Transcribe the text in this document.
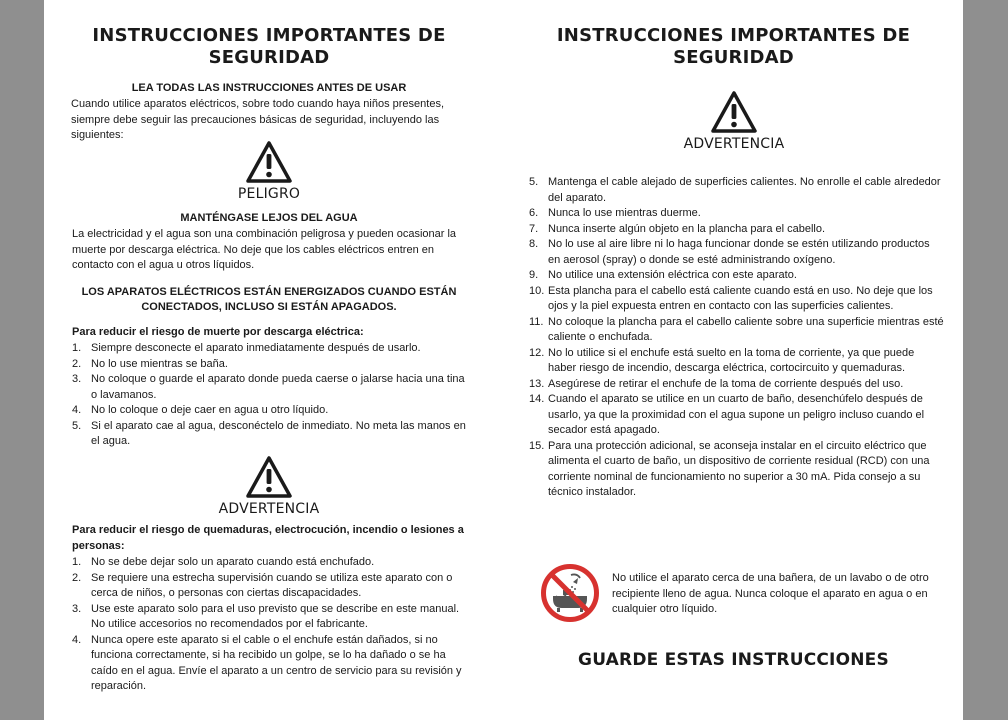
INSTRUCCIONES IMPORTANTES DE SEGURIDAD

LEA TODAS LAS INSTRUCCIONES ANTES DE USAR

Cuando utilice aparatos eléctricos, sobre todo cuando haya niños presentes, siempre debe seguir las precauciones básicas de seguridad, incluyendo las siguientes:

PELIGRO

MANTÉNGASE LEJOS DEL AGUA

La electricidad y el agua son una combinación peligrosa y pueden ocasionar la muerte por descarga eléctrica. No deje que los cables eléctricos entren en contacto con el agua u otros líquidos.

LOS APARATOS ELÉCTRICOS ESTÁN ENERGIZADOS CUANDO ESTÁN CONECTADOS, INCLUSO SI ESTÁN APAGADOS.

Para reducir el riesgo de muerte por descarga eléctrica:

1. Siempre desconecte el aparato inmediatamente después de usarlo.
2. No lo use mientras se baña.
3. No coloque o guarde el aparato donde pueda caerse o jalarse hacia una tina o lavamanos.
4. No lo coloque o deje caer en agua u otro líquido.
5. Si el aparato cae al agua, desconéctelo de inmediato. No meta las manos en el agua.
ADVERTENCIA

Para reducir el riesgo de quemaduras, electrocución, incendio o lesiones a personas:

1. No se debe dejar solo un aparato cuando está enchufado.
2. Se requiere una estrecha supervisión cuando se utiliza este aparato con o cerca de niños, o personas con ciertas discapacidades.
3. Use este aparato solo para el uso previsto que se describe en este manual. No utilice accesorios no recomendados por el fabricante.
4. Nunca opere este aparato si el cable o el enchufe están dañados, si no funciona correctamente, si ha recibido un golpe, se lo ha dañado o se ha caído en el agua. Envíe el aparato a un centro de servicio para su revisión y reparación.
INSTRUCCIONES IMPORTANTES DE SEGURIDAD
ADVERTENCIA
5. Mantenga el cable alejado de superficies calientes. No enrolle el cable alrededor del aparato.
6. Nunca lo use mientras duerme.
7. Nunca inserte algún objeto en la plancha para el cabello.
8. No lo use al aire libre ni lo haga funcionar donde se estén utilizando productos en aerosol (spray) o donde se esté administrando oxígeno.
9. No utilice una extensión eléctrica con este aparato.
10. Esta plancha para el cabello está caliente cuando está en uso. No deje que los ojos y la piel expuesta entren en contacto con las superficies calientes.
11. No coloque la plancha para el cabello caliente sobre una superficie mientras esté caliente o enchufada.
12. No lo utilice si el enchufe está suelto en la toma de corriente, ya que puede haber riesgo de incendio, descarga eléctrica, cortocircuito y quemaduras.
13. Asegúrese de retirar el enchufe de la toma de corriente después del uso.
14. Cuando el aparato se utilice en un cuarto de baño, desenchúfelo después de usarlo, ya que la proximidad con el agua supone un peligro incluso cuando el secador está apagado.
15. Para una protección adicional, se aconseja instalar en el circuito eléctrico que alimenta el cuarto de baño, un dispositivo de corriente residual (RCD) con una corriente nominal de funcionamiento no superior a 30 mA. Pida consejo a su técnico instalador.

No utilice el aparato cerca de una bañera, de un lavabo o de otro recipiente lleno de agua. Nunca coloque el aparato en agua o en cualquier otro líquido.

GUARDE ESTAS INSTRUCCIONES
